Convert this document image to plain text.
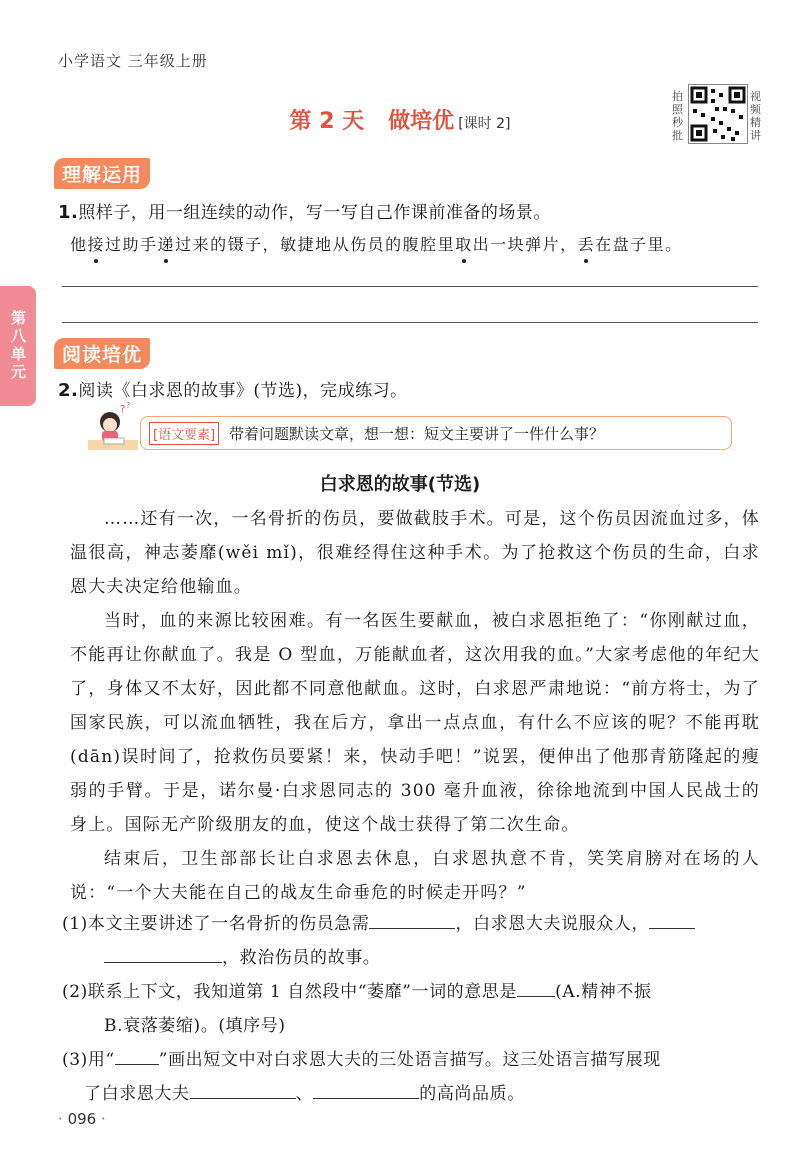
小学语文 三年级上册
第 2 天 做培优 [课时 2]
拍照秒批
视频精讲
第八单元
理解运用
1.照样子，用一组连续的动作，写一写自己作课前准备的场景。
他接过助手递过来的镊子，敏捷地从伤员的腹腔里取出一块弹片，丢在盘子里。
阅读培优
2.阅读《白求恩的故事》(节选)，完成练习。
? ?
[语文要素] 带着问题默读文章，想一想：短文主要讲了一件什么事？
白求恩的故事(节选)

……还有一次，一名骨折的伤员，要做截肢手术。可是，这个伤员因流血过多，体温很高，神志萎靡(wěi mǐ)，很难经得住这种手术。为了抢救这个伤员的生命，白求恩大夫决定给他输血。

当时，血的来源比较困难。有一名医生要献血，被白求恩拒绝了：“你刚献过血，不能再让你献血了。我是 O 型血，万能献血者，这次用我的血。”大家考虑他的年纪大了，身体又不太好，因此都不同意他献血。这时，白求恩严肃地说：“前方将士，为了国家民族，可以流血牺牲，我在后方，拿出一点点血，有什么不应该的呢？不能再耽(dān)误时间了，抢救伤员要紧！来，快动手吧！”说罢，便伸出了他那青筋隆起的瘦弱的手臂。于是，诺尔曼·白求恩同志的 300 毫升血液，徐徐地流到中国人民战士的身上。国际无产阶级朋友的血，使这个战士获得了第二次生命。

结束后，卫生部部长让白求恩去休息，白求恩执意不肯，笑笑肩膀对在场的人说：“一个大夫能在自己的战友生命垂危的时候走开吗？”

(1)本文主要讲述了一名骨折的伤员急需	，白求恩大夫说服众人，
，救治伤员的故事。
(2)联系上下文，我知道第 1 自然段中“萎靡”一词的意思是 (A.精神不振
B.衰落萎缩)。(填序号)
(3)用“	”画出短文中对白求恩大夫的三处语言描写。这三处语言描写展现
了白求恩大夫	、	的高尚品质。
· 096 ·
